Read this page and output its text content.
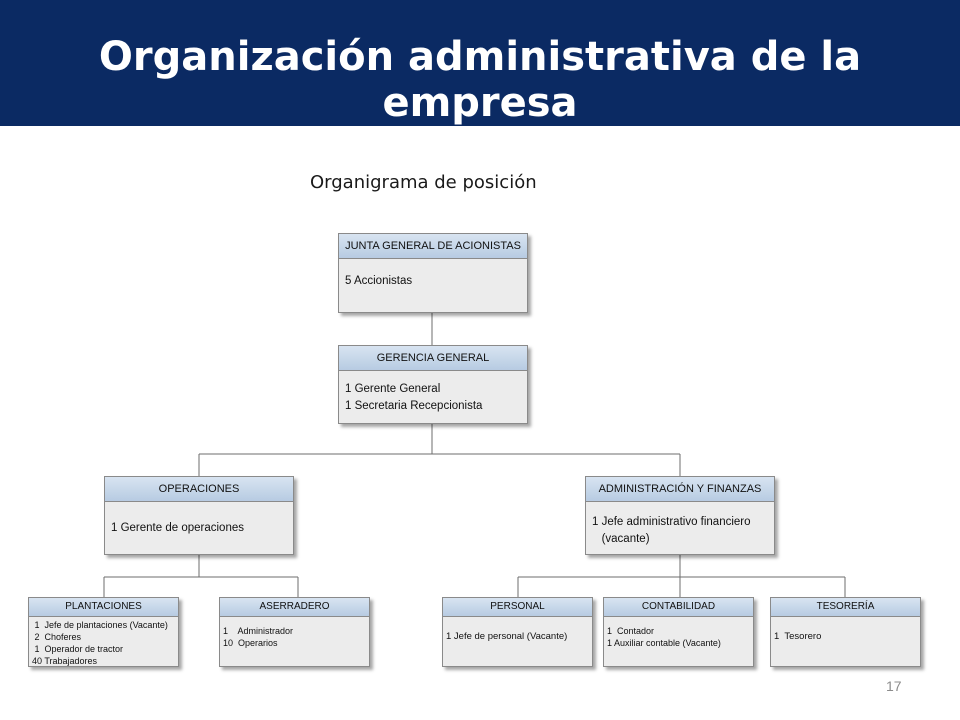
Organización administrativa de la empresa
Organigrama de posición
JUNTA GENERAL DE ACIONISTAS
5 Accionistas
GERENCIA GENERAL
1 Gerente General
1 Secretaria Recepcionista
OPERACIONES
1 Gerente de operaciones
ADMINISTRACIÓN Y FINANZAS
1 Jefe administrativo financiero
(vacante)
PLANTACIONES
1  Jefe de plantaciones (Vacante)
2  Choferes
1  Operador de tractor
40 Trabajadores
ASERRADERO
1    Administrador
10  Operarios
PERSONAL
1 Jefe de personal (Vacante)
CONTABILIDAD
1  Contador
1 Auxiliar contable (Vacante)
TESORERÍA
1  Tesorero
17
